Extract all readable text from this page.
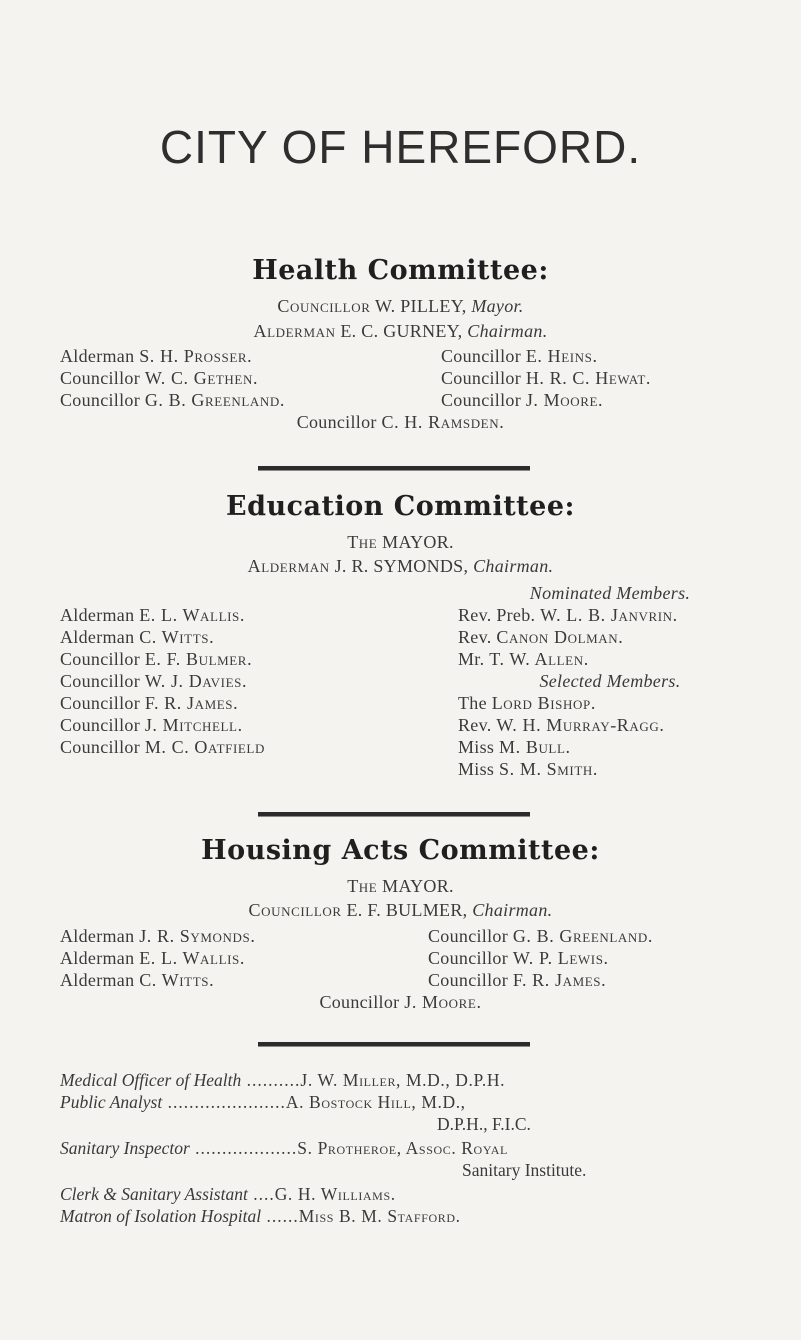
CITY OF HEREFORD.
Health Committee:
Councillor W. PILLEY, Mayor.
Alderman E. C. GURNEY, Chairman.
Alderman S. H. Prosser.
Councillor W. C. Gethen.
Councillor G. B. Greenland.
Councillor E. Heins.
Councillor H. R. C. Hewat.
Councillor J. Moore.
Councillor C. H. Ramsden.
Education Committee:
The MAYOR.
Alderman J. R. SYMONDS, Chairman.
Alderman E. L. Wallis.
Alderman C. Witts.
Councillor E. F. Bulmer.
Councillor W. J. Davies.
Councillor F. R. James.
Councillor J. Mitchell.
Councillor M. C. Oatfield
Nominated Members.
Rev. Preb. W. L. B. Janvrin.
Rev. Canon Dolman.
Mr. T. W. Allen.
Selected Members.
The Lord Bishop.
Rev. W. H. Murray-Ragg.
Miss M. Bull.
Miss S. M. Smith.
Housing Acts Committee:
The MAYOR.
Councillor E. F. BULMER, Chairman.
Alderman J. R. Symonds.
Alderman E. L. Wallis.
Alderman C. Witts.
Councillor G. B. Greenland.
Councillor W. P. Lewis.
Councillor F. R. James.
Councillor J. Moore.
Medical Officer of Health ..........J. W. Miller, M.D., D.P.H.
Public Analyst ......................A. Bostock Hill, M.D.,
D.P.H., F.I.C.
Sanitary Inspector ...................S. Protheroe, Assoc. Royal
Sanitary Institute.
Clerk & Sanitary Assistant ....G. H. Williams.
Matron of Isolation Hospital ......Miss B. M. Stafford.
